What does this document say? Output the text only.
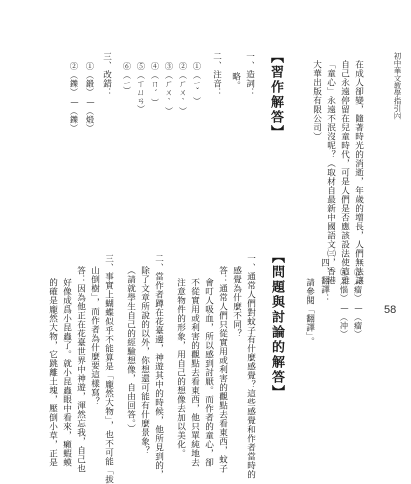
初中華文教學指引㈥
58
在成人卻變，隨著時光的消逝，年歲的增長，人們無法讓
自己永遠停留在兒童時代，可是人們是否應該設法使這雅
「童心」永遠不泯沒呢？（取材自最新中國語文㈢，香港
大華出版有限公司）
【習作解答】
一、造詞：
略。
二、注音：
①（ㄧˇ）
②（ㄏㄨˋ）
③（ㄏㄨˋ）
④（ㄇˊ）
⑤（ㄒㄩㄢ）
⑥（ㄧ）
三、改錯：
①（鍛）—（煅）
②（鑠）—（鑠）
③（瘤）—（瘤）
④（惱）—（冲）
四、翻譯：
請參閱「翻譯」。
【問題與討論的解答】
一、通常人們對蚊子有什麼感覺？這些感覺和作者當時的
感覺為什麼不同？
答：通常人們只從實用或利害的觀點去看東西，蚊子
會叮人吸血，所以感到討厭。而作者的童心，卻
不從實用或利害的觀點去看東西，他只單純地去
注意物件的形象，用自己的想像去加以美化。
二、當作者蹲在花臺邊，神遊其中的時候，他所見到的，
除了文章所說的以外，你想還可能有什麼景象？
（請就學生自己的經驗想像，自由回答。）
三、事實上蝴蝶似乎不能算是「龐然大物」，也不可能「拔
山倒樹」，而作者為什麼要這樣寫？
答：因為他正在花臺世界中神遊，渾然忘我，自己也
好像成爲小昆蟲了。就小昆蟲眼中看來，癩蝦蟆
的確是龐然大物，它跳離土塊，壓倒小草，正是
